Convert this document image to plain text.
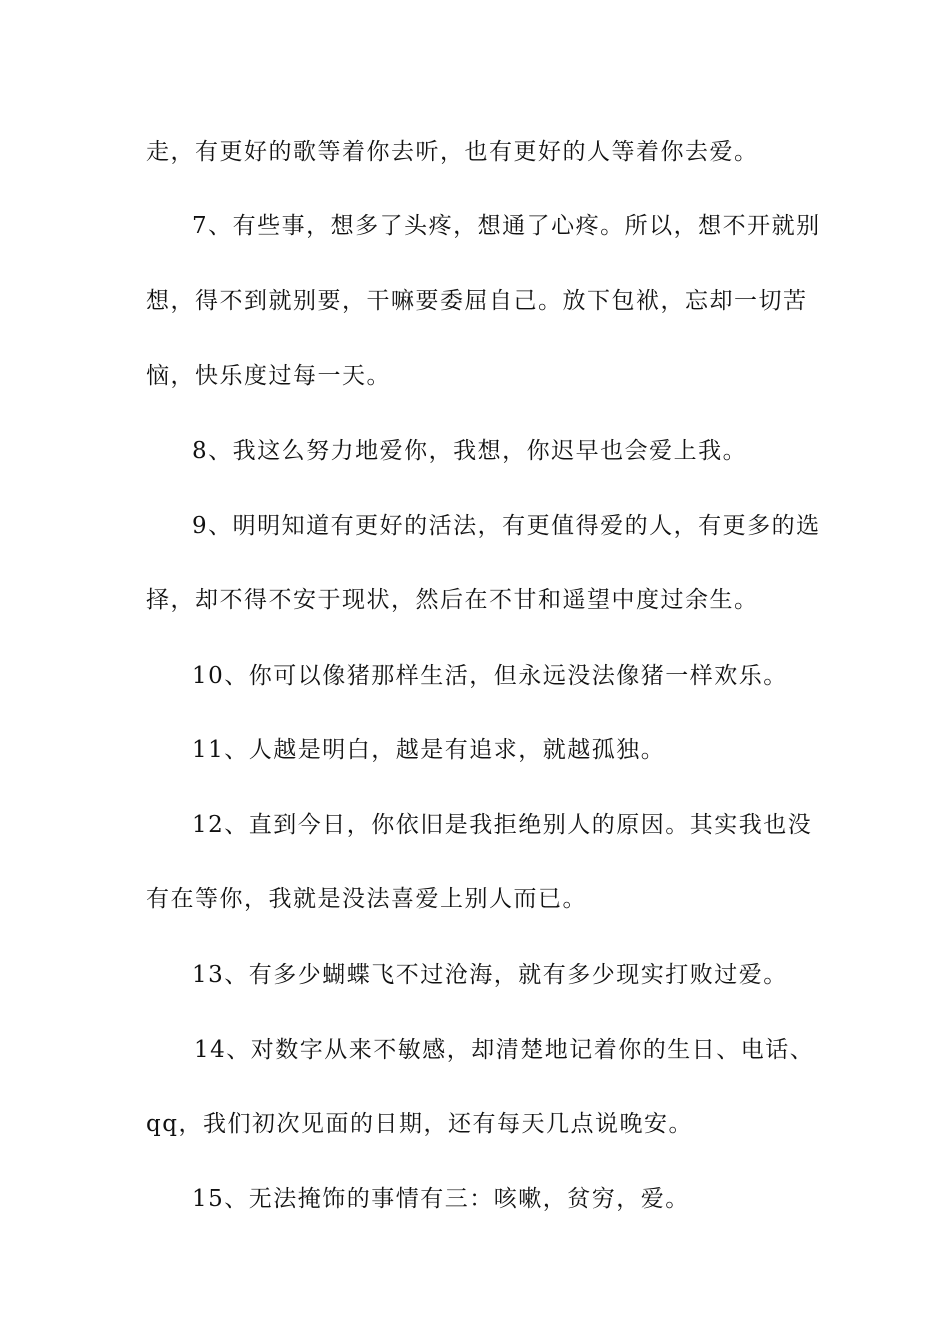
走，有更好的歌等着你去听，也有更好的人等着你去爱。
7、有些事，想多了头疼，想通了心疼。所以，想不开就别
想，得不到就别要，干嘛要委屈自己。放下包袱，忘却一切苦
恼，快乐度过每一天。
8、我这么努力地爱你，我想，你迟早也会爱上我。
9、明明知道有更好的活法，有更值得爱的人，有更多的选
择，却不得不安于现状，然后在不甘和遥望中度过余生。
10、你可以像猪那样生活，但永远没法像猪一样欢乐。
11、人越是明白，越是有追求，就越孤独。
12、直到今日，你依旧是我拒绝别人的原因。其实我也没
有在等你，我就是没法喜爱上别人而已。
13、有多少蝴蝶飞不过沧海，就有多少现实打败过爱。
14、对数字从来不敏感，却清楚地记着你的生日、电话、
qq，我们初次见面的日期，还有每天几点说晚安。
15、无法掩饰的事情有三：咳嗽，贫穷，爱。
